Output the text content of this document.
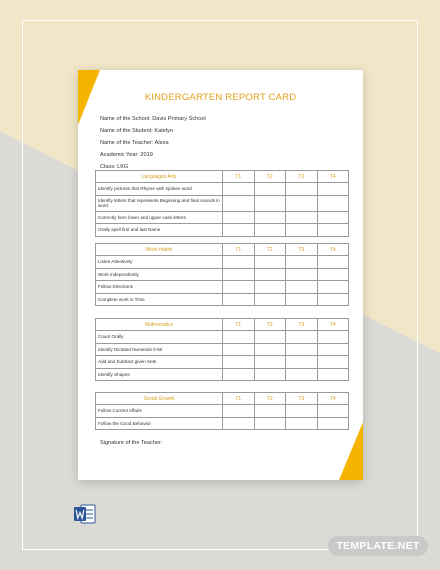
KINDERGARTEN REPORT CARD
Name of the School: Davis Primary School
Name of the Student: Katelyn
Name of the Teacher: Alexa
Academic Year: 2019
Class: LKG
Languages Arts	T1	T2	T3	T4
Identify pictures that Rhyme with spoken word				
Identify letters that represents Beginning and final sounds in word				
Correctly form lower and upper case letters				
Orally spell first and last Name				
Work Habits	T1	T2	T3	T4
Listen Attentively				
Work Independently				
Follow Directions				
Complete work in Time				
Mathematics	T1	T2	T3	T4
Count Orally				
Identify Dictated Numerals 0-50				
Add and Subtract given Sets				
Identify Shapes				
Social Growth	T1	T2	T3	T4
Follow Current Affairs				
Follow the Good Behavior				
Signature of the Teacher:
TEMPLATE.NET
